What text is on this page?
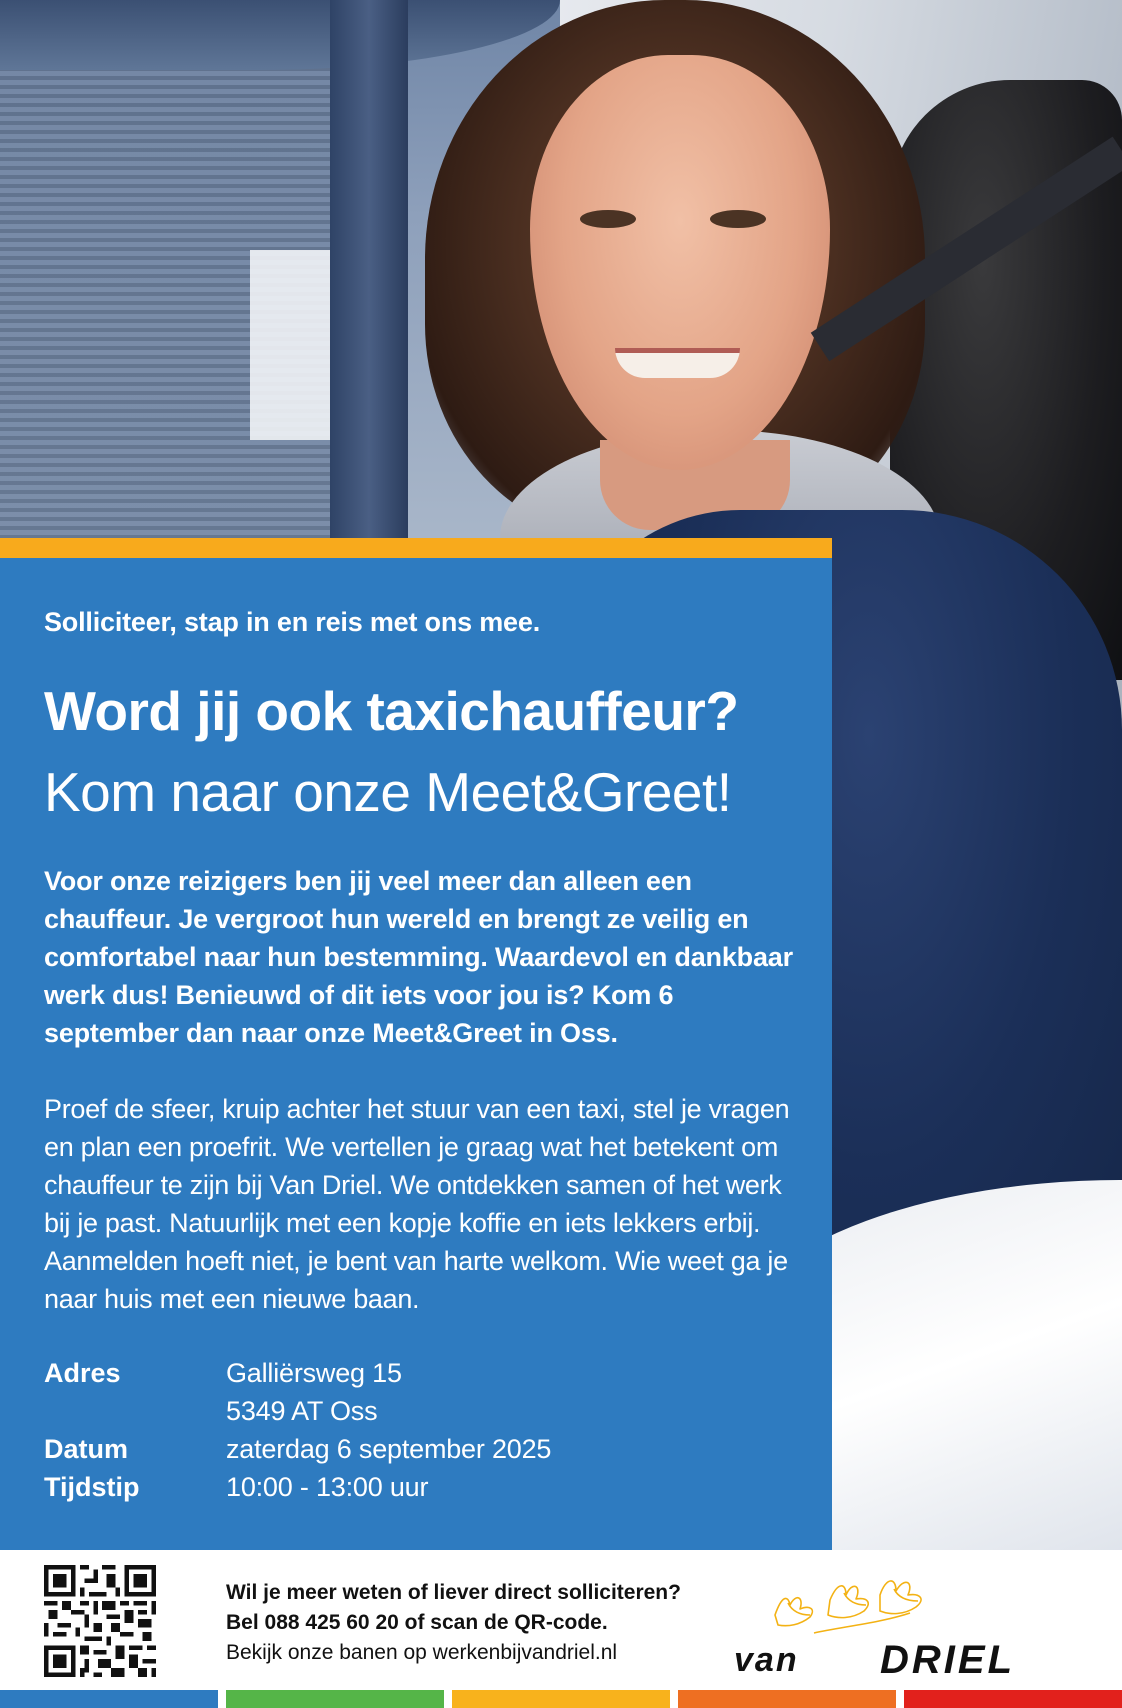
Solliciteer, stap in en reis met ons mee.
Word jij ook taxichauffeur?
Kom naar onze Meet&Greet!
Voor onze reizigers ben jij veel meer dan alleen een chauffeur. Je vergroot hun wereld en brengt ze veilig en comfortabel naar hun bestemming. Waardevol en dankbaar werk dus! Benieuwd of dit iets voor jou is? Kom 6 september dan naar onze Meet&Greet in Oss.
Proef de sfeer, kruip achter het stuur van een taxi, stel je vragen en plan een proefrit. We vertellen je graag wat het betekent om chauffeur te zijn bij Van Driel. We ontdekken samen of het werk bij je past. Natuurlijk met een kopje koffie en iets lekkers erbij. Aanmelden hoeft niet, je bent van harte welkom. Wie weet ga je naar huis met een nieuwe baan.
Adres	Galliërsweg 15
5349 AT Oss
Datum	zaterdag 6 september 2025
Tijdstip	10:00 - 13:00 uur
Wil je meer weten of liever direct solliciteren?
Bel 088 425 60 20 of scan de QR-code.
Bekijk onze banen op werkenbijvandriel.nl	van DRIEL
